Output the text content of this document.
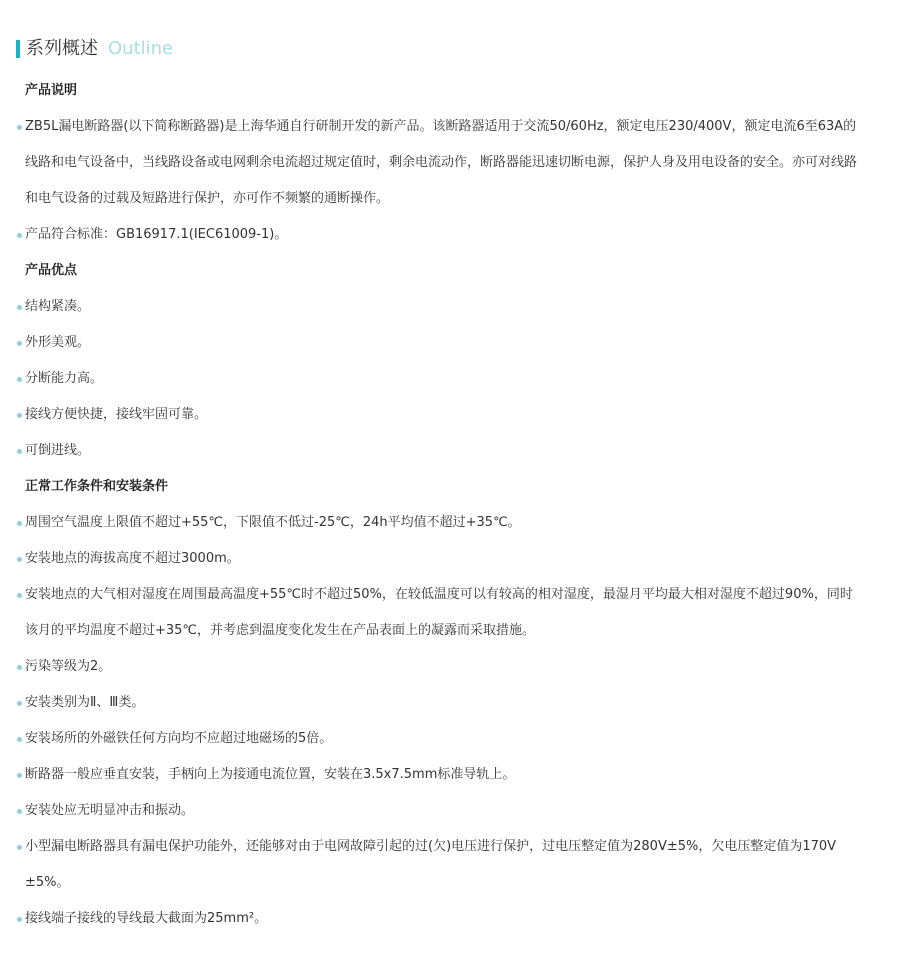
系列概述 Outline
产品说明
ZB5L漏电断路器(以下简称断路器)是上海华通自行研制开发的新产品。该断路器适用于交流50/60Hz，额定电压230/400V，额定电流6至63A的线路和电气设备中，当线路设备或电网剩余电流超过规定值时，剩余电流动作，断路器能迅速切断电源，保护人身及用电设备的安全。亦可对线路和电气设备的过载及短路进行保护，亦可作不频繁的通断操作。
产品符合标准：GB16917.1(IEC61009-1)。
产品优点
结构紧凑。
外形美观。
分断能力高。
接线方便快捷，接线牢固可靠。
可倒进线。
正常工作条件和安装条件
周围空气温度上限值不超过+55℃，下限值不低过-25℃，24h平均值不超过+35℃。
安装地点的海拔高度不超过3000m。
安装地点的大气相对湿度在周围最高温度+55℃时不超过50%，在较低温度可以有较高的相对湿度，最湿月平均最大相对湿度不超过90%，同时该月的平均温度不超过+35℃，并考虑到温度变化发生在产品表面上的凝露而采取措施。
污染等级为2。
安装类别为Ⅱ、Ⅲ类。
安装场所的外磁铁任何方向均不应超过地磁场的5倍。
断路器一般应垂直安装，手柄向上为接通电流位置，安装在3.5x7.5mm标准导轨上。
安装处应无明显冲击和振动。
小型漏电断路器具有漏电保护功能外，还能够对由于电网故障引起的过(欠)电压进行保护，过电压整定值为280V±5%，欠电压整定值为170V±5%。
接线端子接线的导线最大截面为25mm²。
